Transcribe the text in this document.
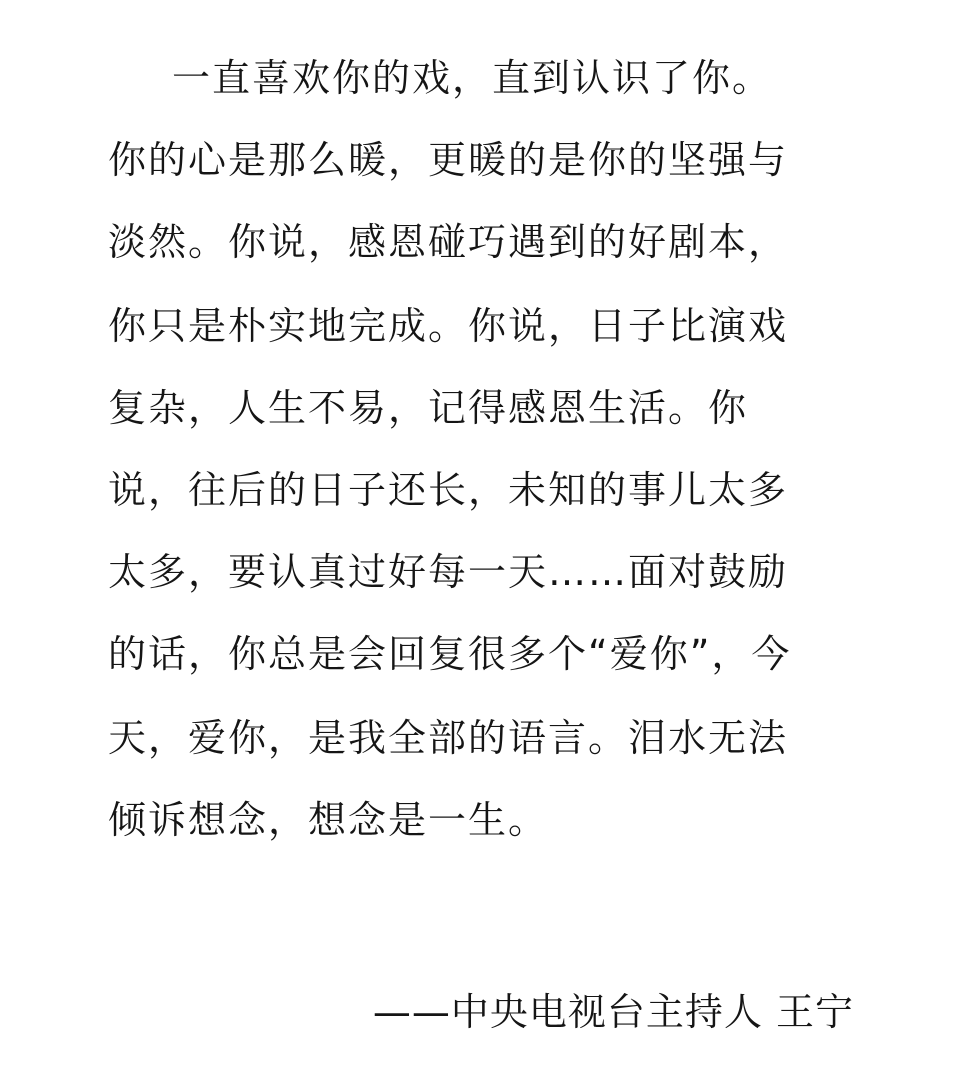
一直喜欢你的戏，直到认识了你。
你的心是那么暖，更暖的是你的坚强与
淡然。你说，感恩碰巧遇到的好剧本，
你只是朴实地完成。你说，日子比演戏
复杂，人生不易，记得感恩生活。你
说，往后的日子还长，未知的事儿太多
太多，要认真过好每一天……面对鼓励
的话，你总是会回复很多个“爱你”，今
天，爱你，是我全部的语言。泪水无法
倾诉想念，想念是一生。
——中央电视台主持人 王宁
